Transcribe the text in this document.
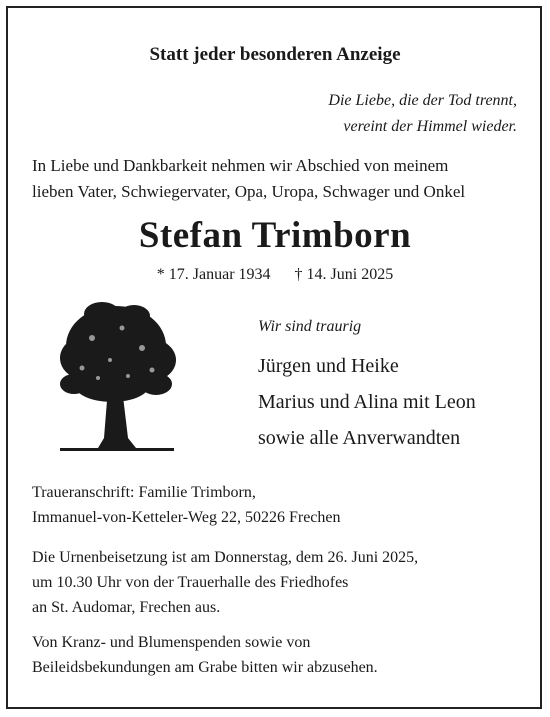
Statt jeder besonderen Anzeige
Die Liebe, die der Tod trennt,
vereint der Himmel wieder.
In Liebe und Dankbarkeit nehmen wir Abschied von meinem
lieben Vater, Schwiegervater, Opa, Uropa, Schwager und Onkel
Stefan Trimborn
* 17. Januar 1934 † 14. Juni 2025
Wir sind traurig
Jürgen und Heike
Marius und Alina mit Leon
sowie alle Anverwandten
Traueranschrift: Familie Trimborn,
Immanuel-von-Ketteler-Weg 22, 50226 Frechen
Die Urnenbeisetzung ist am Donnerstag, dem 26. Juni 2025,
um 10.30 Uhr von der Trauerhalle des Friedhofes
an St. Audomar, Frechen aus.
Von Kranz- und Blumenspenden sowie von
Beileidsbekundungen am Grabe bitten wir abzusehen.
